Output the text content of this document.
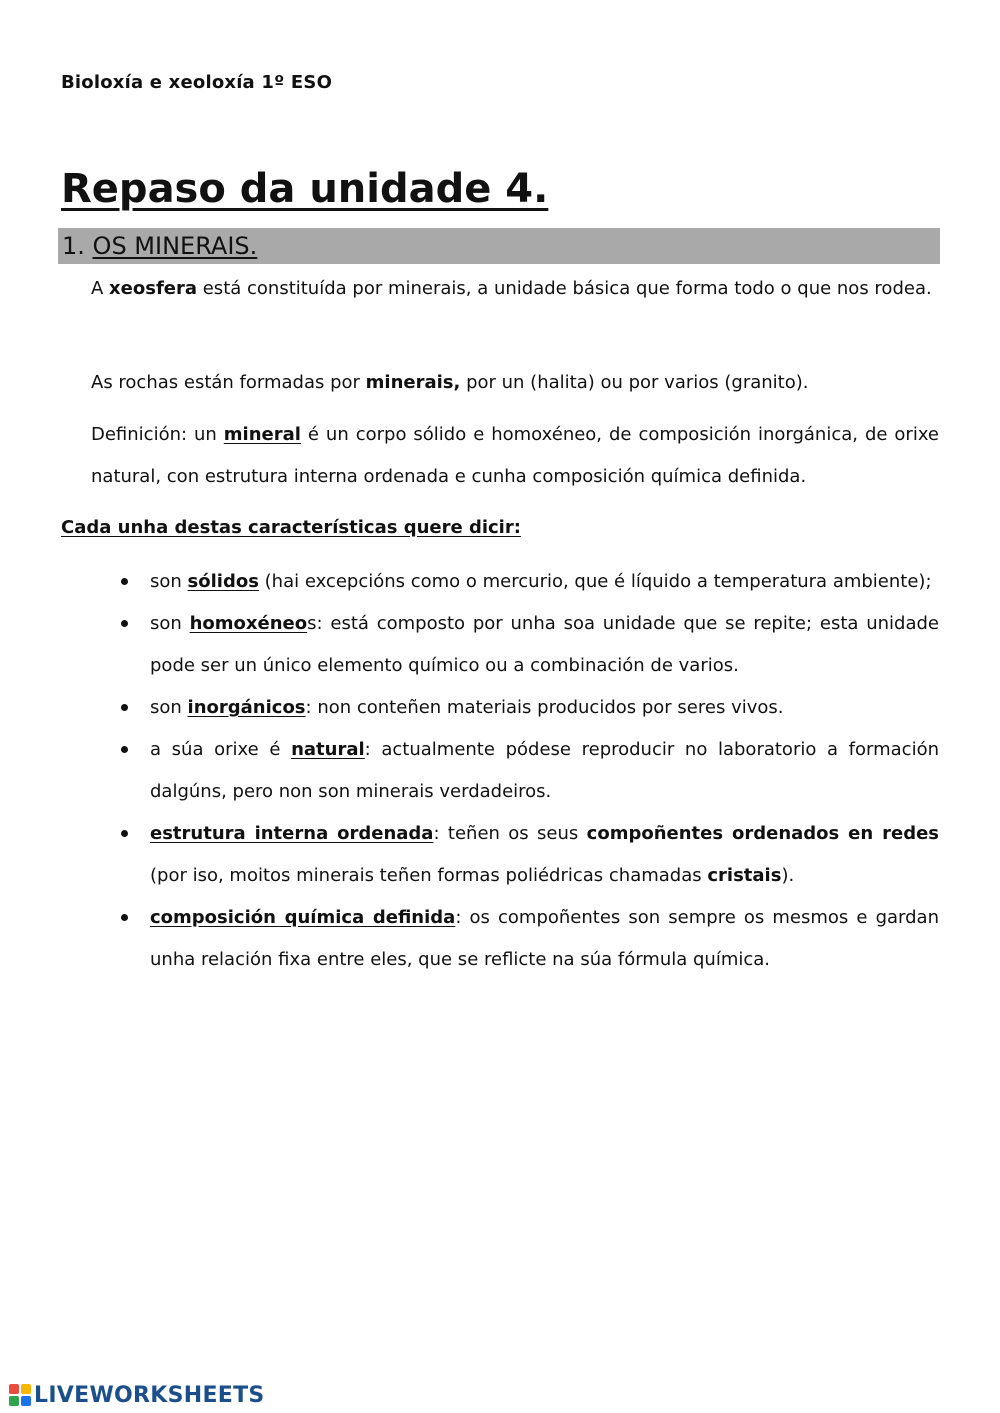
Bioloxía e xeoloxía 1º ESO
Repaso da unidade 4.
1. OS MINERAIS.
A xeosfera está constituída por minerais, a unidade básica que forma todo o que nos rodea.
As rochas están formadas por minerais, por un (halita) ou por varios (granito).
Definición: un mineral é un corpo sólido e homoxéneo, de composición inorgánica, de orixe natural, con estrutura interna ordenada e cunha composición química definida.
Cada unha destas características quere dicir:
son sólidos (hai excepcións como o mercurio, que é líquido a temperatura ambiente);
son homoxéneos: está composto por unha soa unidade que se repite; esta unidade pode ser un único elemento químico ou a combinación de varios.
son inorgánicos: non conteñen materiais producidos por seres vivos.
a súa orixe é natural: actualmente pódese reproducir no laboratorio a formación dalgúns, pero non son minerais verdadeiros.
estrutura interna ordenada: teñen os seus compoñentes ordenados en redes (por iso, moitos minerais teñen formas poliédricas chamadas cristais).
composición química definida: os compoñentes son sempre os mesmos e gardan unha relación fixa entre eles, que se reflicte na súa fórmula química.
LIVEWORKSHEETS
